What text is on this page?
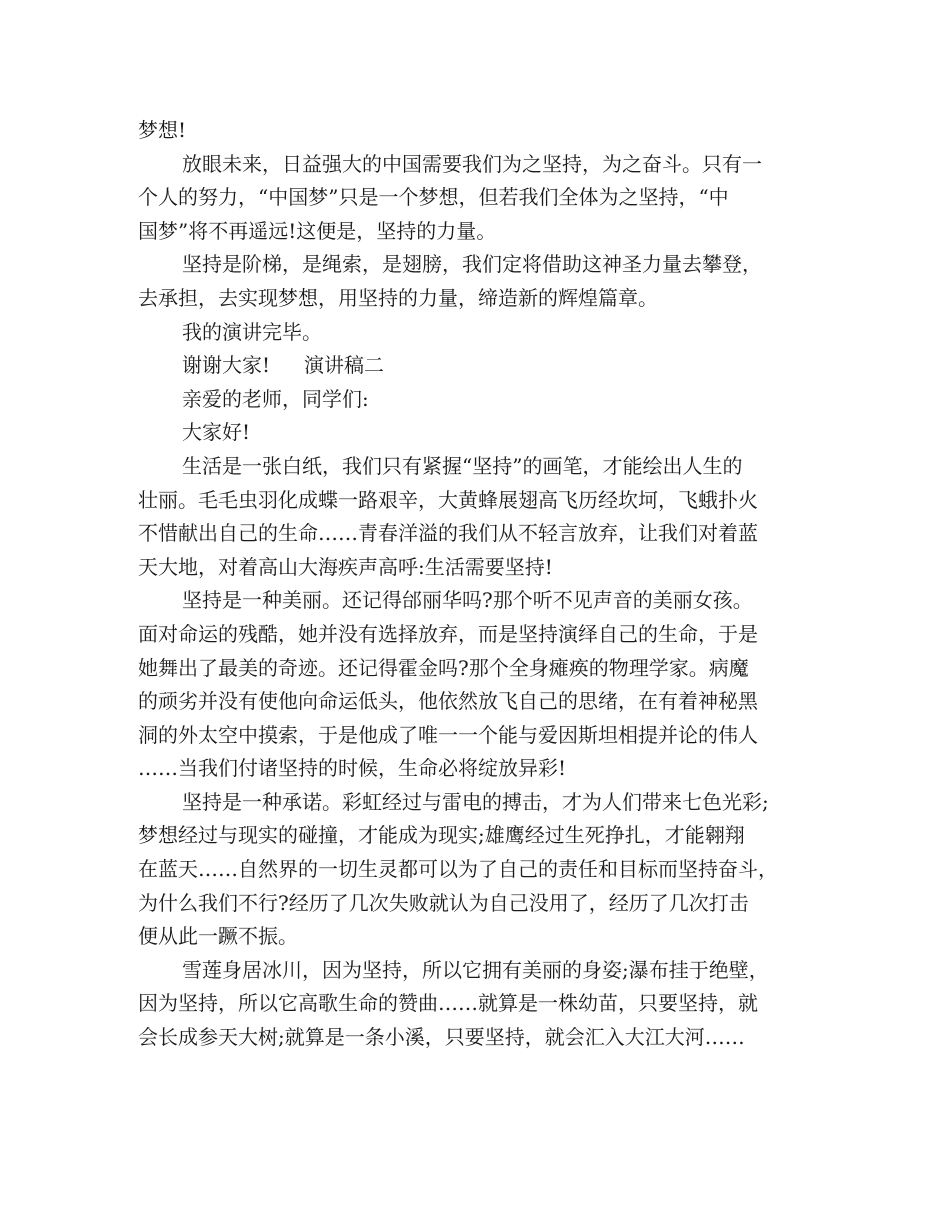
梦想!
放眼未来，日益强大的中国需要我们为之坚持，为之奋斗。只有一
个人的努力，“中国梦”只是一个梦想，但若我们全体为之坚持，“中
国梦”将不再遥远!这便是，坚持的力量。
坚持是阶梯，是绳索，是翅膀，我们定将借助这神圣力量去攀登，
去承担，去实现梦想，用坚持的力量，缔造新的辉煌篇章。
我的演讲完毕。
谢谢大家! 演讲稿二
亲爱的老师，同学们:
大家好!
生活是一张白纸，我们只有紧握“坚持”的画笔，才能绘出人生的
壮丽。毛毛虫羽化成蝶一路艰辛，大黄蜂展翅高飞历经坎坷，飞蛾扑火
不惜献出自己的生命……青春洋溢的我们从不轻言放弃，让我们对着蓝
天大地，对着高山大海疾声高呼:生活需要坚持!
坚持是一种美丽。还记得邰丽华吗?那个听不见声音的美丽女孩。
面对命运的残酷，她并没有选择放弃，而是坚持演绎自己的生命，于是
她舞出了最美的奇迹。还记得霍金吗?那个全身瘫痪的物理学家。病魔
的顽劣并没有使他向命运低头，他依然放飞自己的思绪，在有着神秘黑
洞的外太空中摸索，于是他成了唯一一个能与爱因斯坦相提并论的伟人
……当我们付诸坚持的时候，生命必将绽放异彩!
坚持是一种承诺。彩虹经过与雷电的搏击，才为人们带来七色光彩;
梦想经过与现实的碰撞，才能成为现实;雄鹰经过生死挣扎，才能翱翔
在蓝天……自然界的一切生灵都可以为了自己的责任和目标而坚持奋斗，
为什么我们不行?经历了几次失败就认为自己没用了，经历了几次打击
便从此一蹶不振。
雪莲身居冰川，因为坚持，所以它拥有美丽的身姿;瀑布挂于绝壁，
因为坚持，所以它高歌生命的赞曲……就算是一株幼苗，只要坚持，就
会长成参天大树;就算是一条小溪，只要坚持，就会汇入大江大河……
